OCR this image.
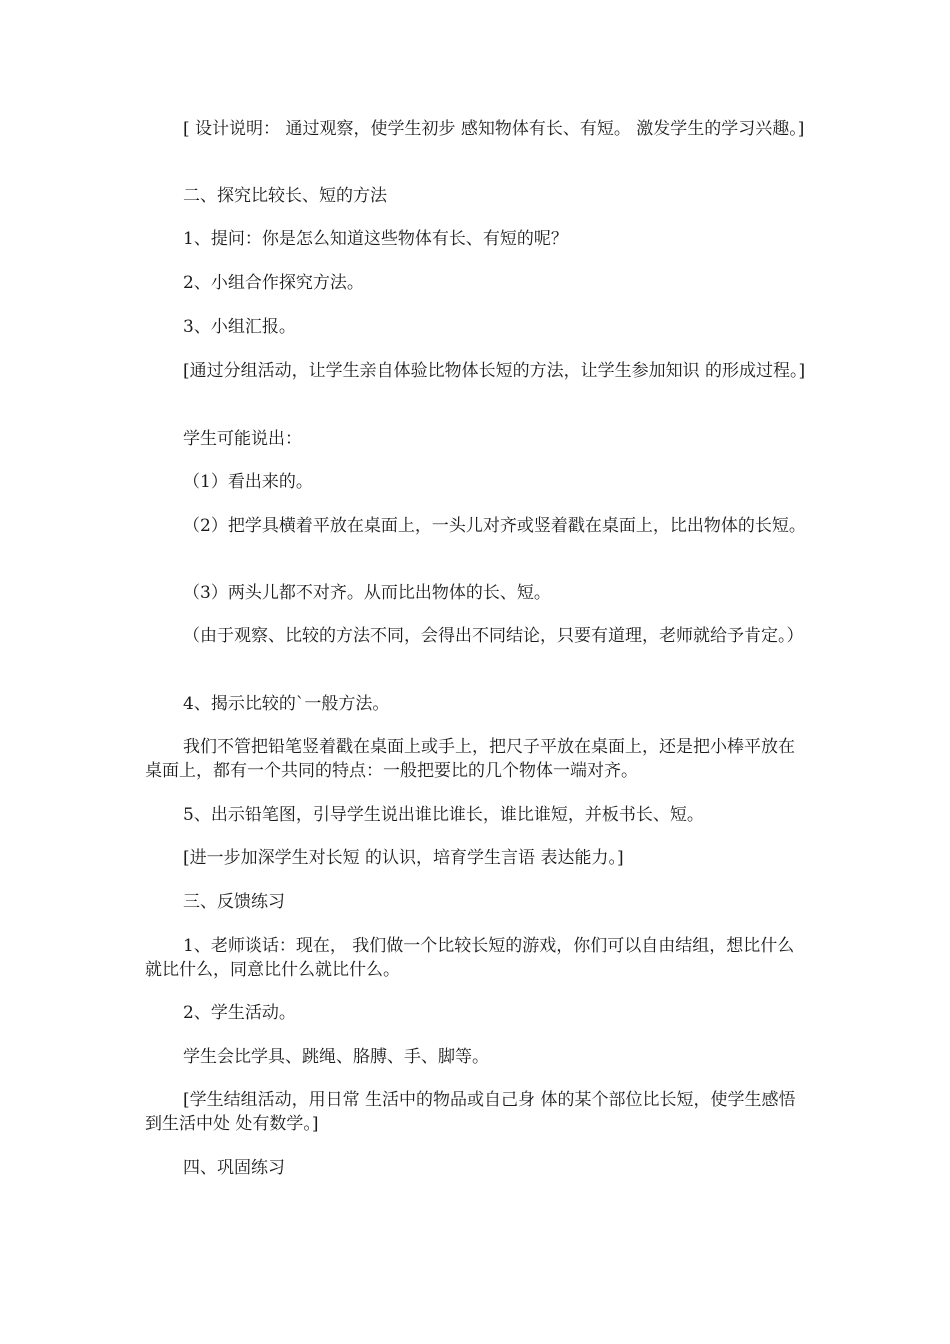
[ 设计说明： 通过观察，使学生初步 感知物体有长、有短。 激发学生的学习兴趣。]

二、探究比较长、短的方法

1、提问：你是怎么知道这些物体有长、有短的呢？

2、小组合作探究方法。

3、小组汇报。

[通过分组活动，让学生亲自体验比物体长短的方法，让学生参加知识 的形成过程。]

学生可能说出：

（1）看出来的。

（2）把学具横着平放在桌面上，一头儿对齐或竖着戳在桌面上，比出物体的长短。

（3）两头儿都不对齐。从而比出物体的长、短。

（由于观察、比较的方法不同，会得出不同结论，只要有道理，老师就给予肯定。）

4、揭示比较的`一般方法。

我们不管把铅笔竖着戳在桌面上或手上，把尺子平放在桌面上，还是把小棒平放在桌面上，都有一个共同的特点：一般把要比的几个物体一端对齐。

5、出示铅笔图，引导学生说出谁比谁长，谁比谁短，并板书长、短。

[进一步加深学生对长短 的认识，培育学生言语 表达能力。]

三、反馈练习

1、老师谈话：现在， 我们做一个比较长短的游戏，你们可以自由结组，想比什么就比什么，同意比什么就比什么。

2、学生活动。

学生会比学具、跳绳、胳膊、手、脚等。

[学生结组活动，用日常 生活中的物品或自己身 体的某个部位比长短，使学生感悟到生活中处 处有数学。]

四、巩固练习
